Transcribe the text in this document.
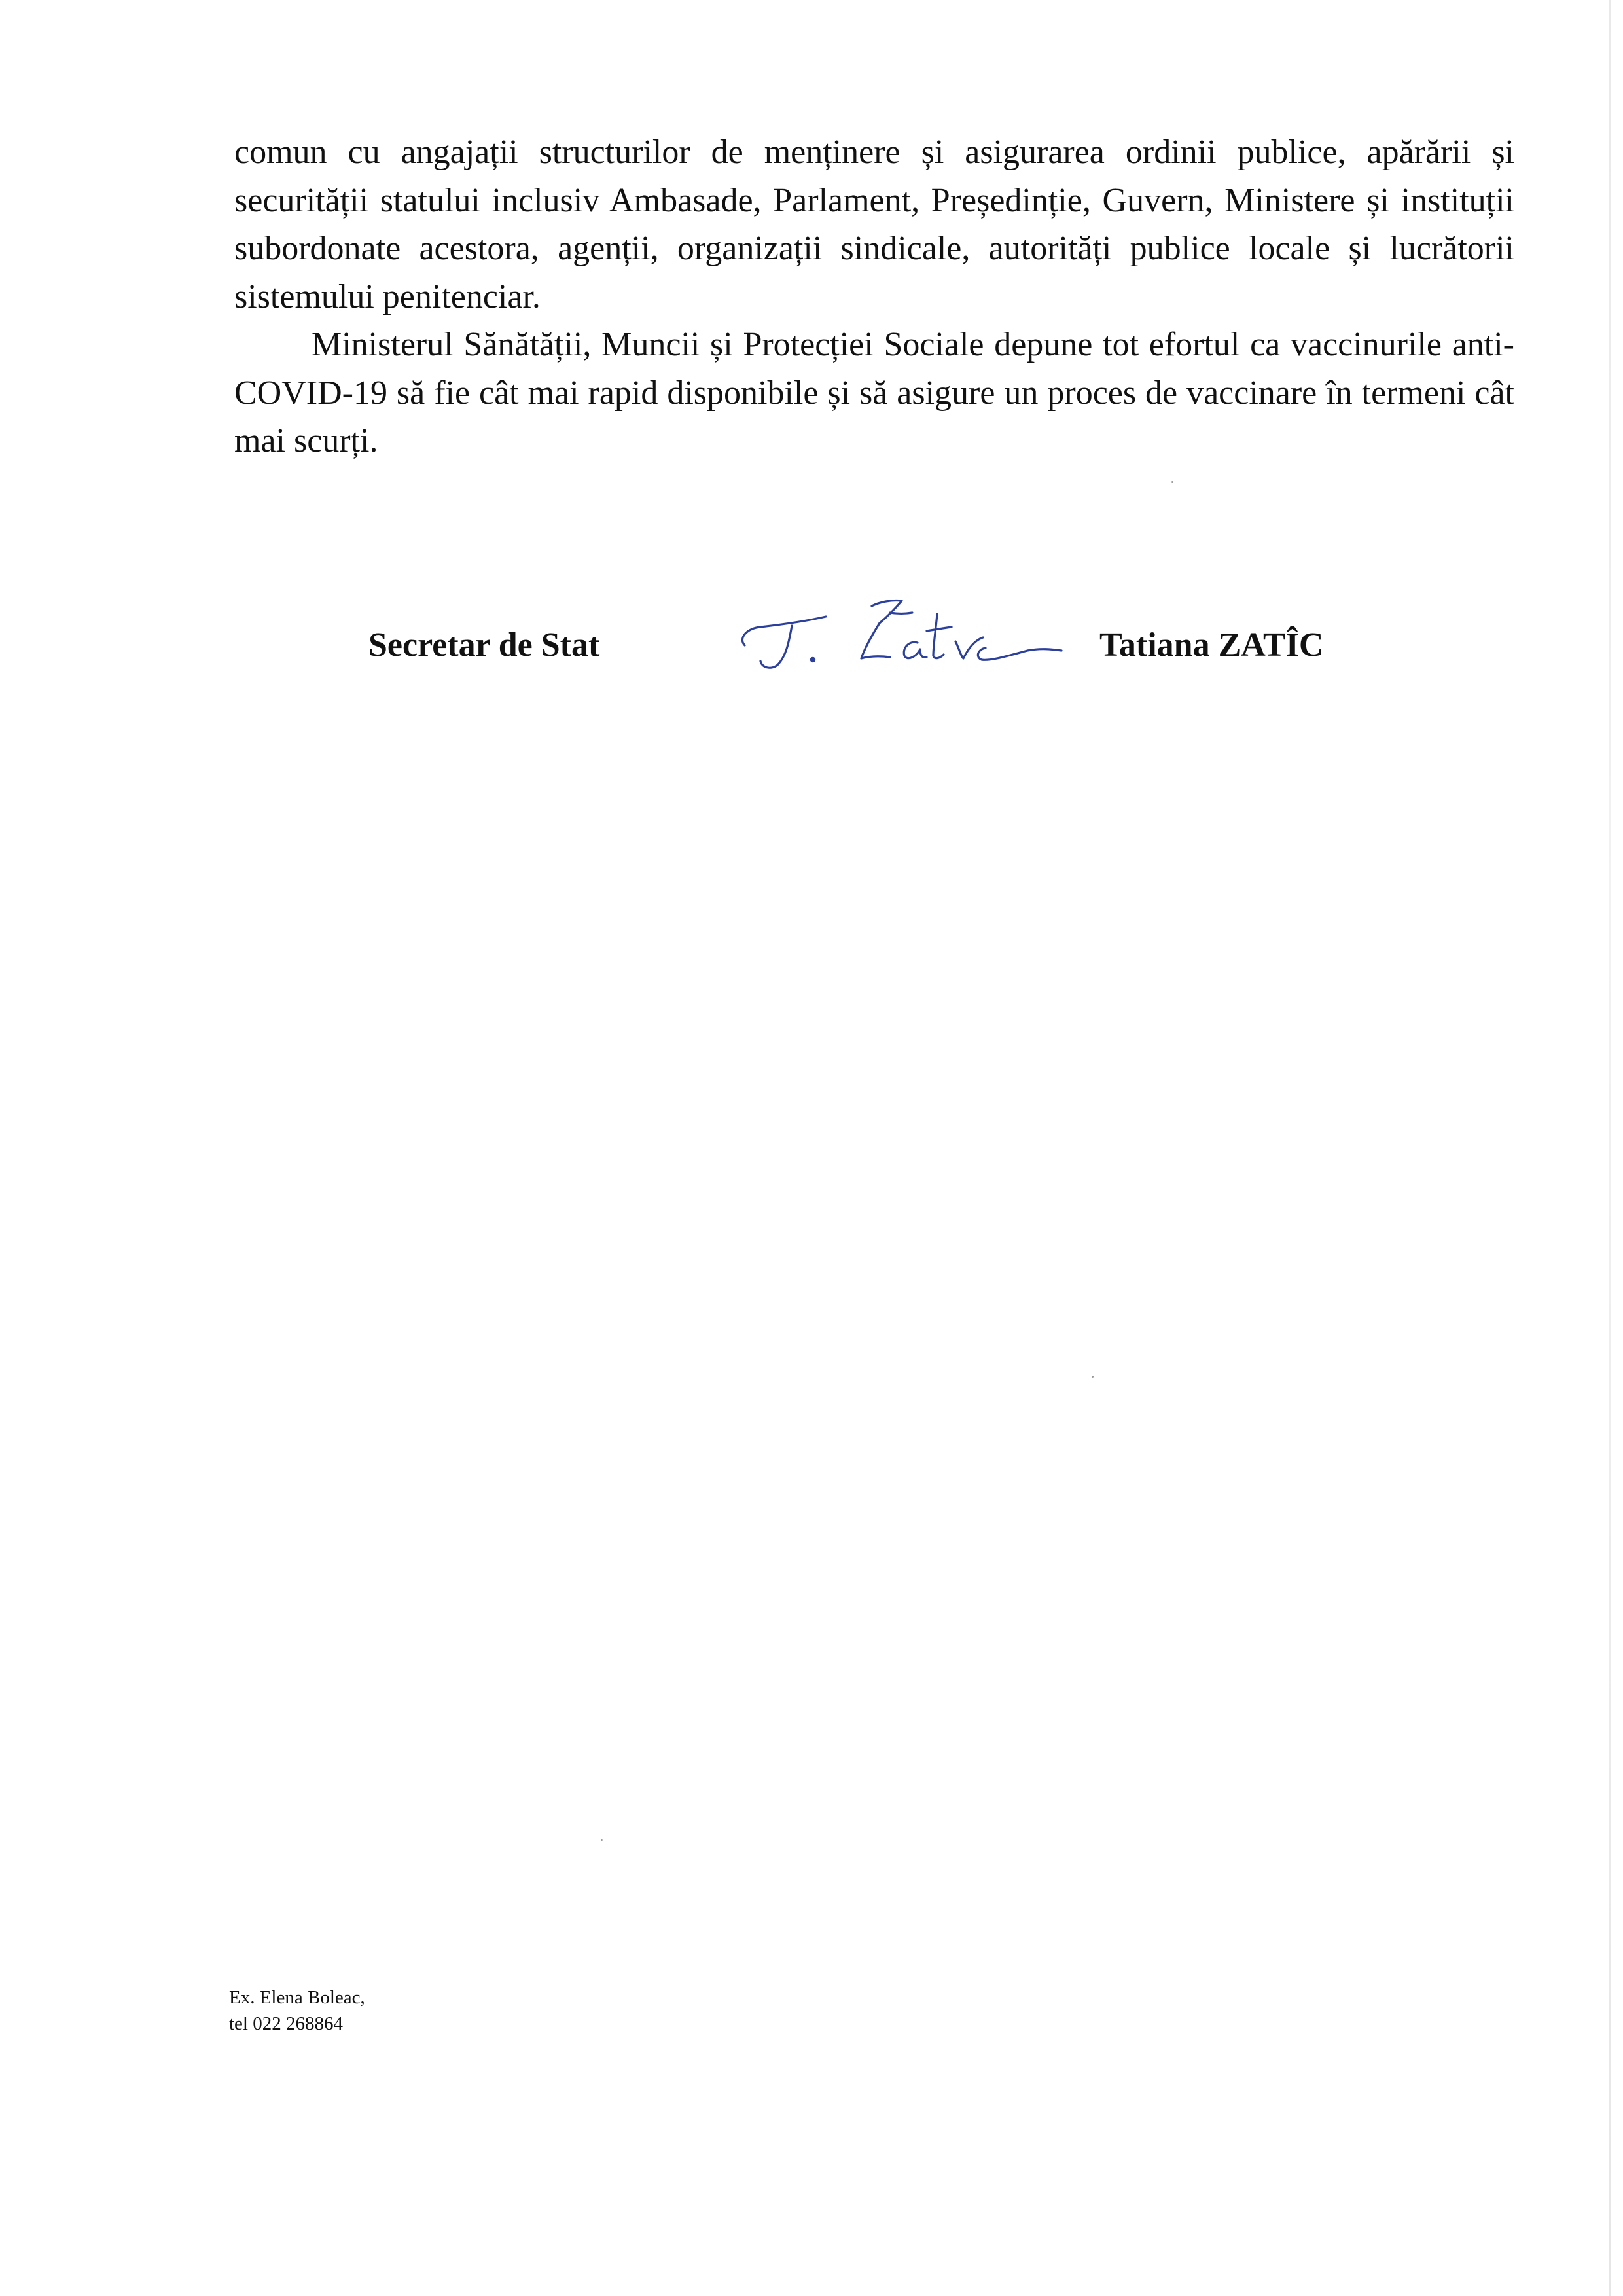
comun cu angajații structurilor de menținere și asigurarea ordinii publice, apărării și securității statului inclusiv Ambasade, Parlament, Președinție, Guvern, Ministere și instituții subordonate acestora, agenții, organizații sindicale, autorități publice locale și lucrătorii sistemului penitenciar.

Ministerul Sănătății, Muncii și Protecției Sociale depune tot efortul ca vaccinurile anti-COVID-19 să fie cât mai rapid disponibile și să asigure un proces de vaccinare în termeni cât mai scurți.

Secretar de Stat	Tatiana ZATÎC
Ex. Elena Boleac,
tel 022 268864
